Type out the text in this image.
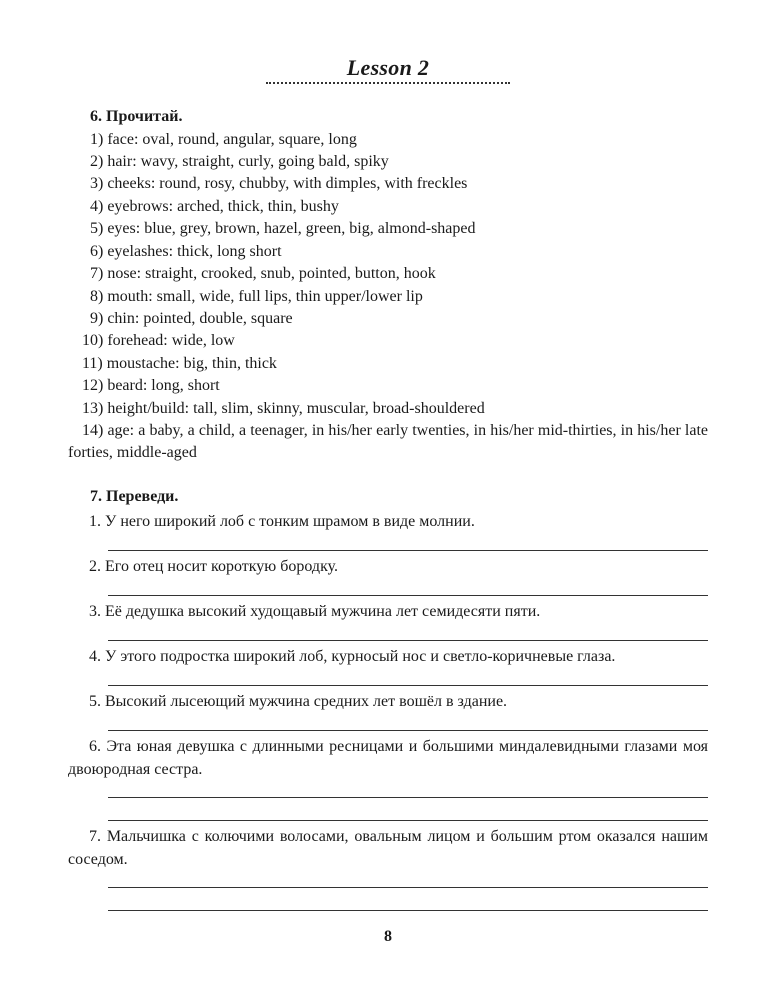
Lesson 2
6. Прочитай.
1) face: oval, round, angular, square, long
2) hair: wavy, straight, curly, going bald, spiky
3) cheeks: round, rosy, chubby, with dimples, with freckles
4) eyebrows: arched, thick, thin, bushy
5) eyes: blue, grey, brown, hazel, green, big, almond-shaped
6) eyelashes: thick, long short
7) nose: straight, crooked, snub, pointed, button, hook
8) mouth: small, wide, full lips, thin upper/lower lip
9) chin: pointed, double, square
10) forehead: wide, low
11) moustache: big, thin, thick
12) beard: long, short
13) height/build: tall, slim, skinny, muscular, broad-shouldered
14) age: a baby, a child, a teenager, in his/her early twenties, in his/her mid-thirties, in his/her late forties, middle-aged
7. Переведи.
1. У него широкий лоб с тонким шрамом в виде молнии.
2. Его отец носит короткую бородку.
3. Её дедушка высокий худощавый мужчина лет семидесяти пяти.
4. У этого подростка широкий лоб, курносый нос и светло-коричневые глаза.
5. Высокий лысеющий мужчина средних лет вошёл в здание.
6. Эта юная девушка с длинными ресницами и большими миндалевидными глазами моя двоюродная сестра.
7. Мальчишка с колючими волосами, овальным лицом и большим ртом оказался нашим соседом.
8
